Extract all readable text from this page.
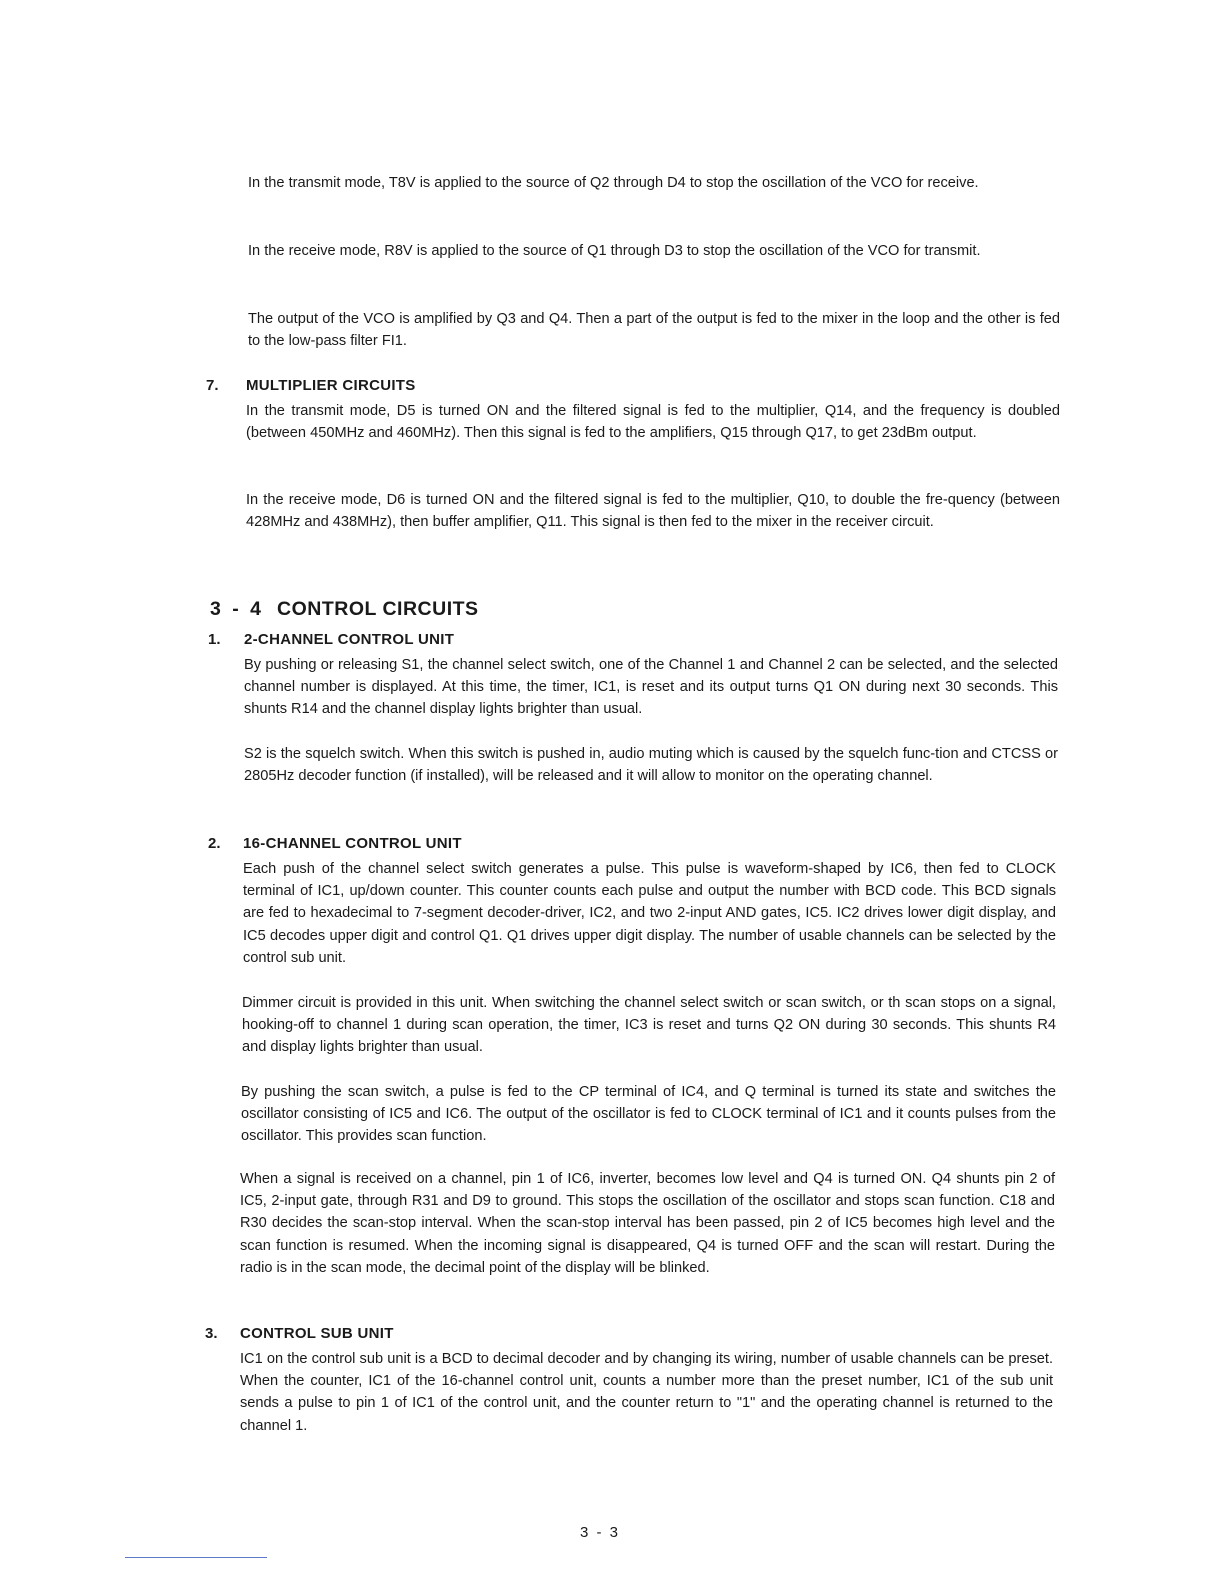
In the transmit mode, T8V is applied to the source of Q2 through D4 to stop the oscillation of the VCO for receive.

In the receive mode, R8V is applied to the source of Q1 through D3 to stop the oscillation of the VCO for transmit.

The output of the VCO is amplified by Q3 and Q4. Then a part of the output is fed to the mixer in the loop and the other is fed to the low-pass filter FI1.

7. MULTIPLIER CIRCUITS

In the transmit mode, D5 is turned ON and the filtered signal is fed to the multiplier, Q14, and the frequency is doubled (between 450MHz and 460MHz). Then this signal is fed to the amplifiers, Q15 through Q17, to get 23dBm output.

In the receive mode, D6 is turned ON and the filtered signal is fed to the multiplier, Q10, to double the fre-quency (between 428MHz and 438MHz), then buffer amplifier, Q11. This signal is then fed to the mixer in the receiver circuit.

3 - 4 CONTROL CIRCUITS
1. 2-CHANNEL CONTROL UNIT

By pushing or releasing S1, the channel select switch, one of the Channel 1 and Channel 2 can be selected, and the selected channel number is displayed. At this time, the timer, IC1, is reset and its output turns Q1 ON during next 30 seconds. This shunts R14 and the channel display lights brighter than usual.

S2 is the squelch switch. When this switch is pushed in, audio muting which is caused by the squelch func-tion and CTCSS or 2805Hz decoder function (if installed), will be released and it will allow to monitor on the operating channel.

2. 16-CHANNEL CONTROL UNIT

Each push of the channel select switch generates a pulse. This pulse is waveform-shaped by IC6, then fed to CLOCK terminal of IC1, up/down counter. This counter counts each pulse and output the number with BCD code. This BCD signals are fed to hexadecimal to 7-segment decoder-driver, IC2, and two 2-input AND gates, IC5. IC2 drives lower digit display, and IC5 decodes upper digit and control Q1. Q1 drives upper digit display. The number of usable channels can be selected by the control sub unit.

Dimmer circuit is provided in this unit. When switching the channel select switch or scan switch, or th scan stops on a signal, hooking-off to channel 1 during scan operation, the timer, IC3 is reset and turns Q2 ON during 30 seconds. This shunts R4 and display lights brighter than usual.

By pushing the scan switch, a pulse is fed to the CP terminal of IC4, and Q terminal is turned its state and switches the oscillator consisting of IC5 and IC6. The output of the oscillator is fed to CLOCK terminal of IC1 and it counts pulses from the oscillator. This provides scan function.

When a signal is received on a channel, pin 1 of IC6, inverter, becomes low level and Q4 is turned ON. Q4 shunts pin 2 of IC5, 2-input gate, through R31 and D9 to ground. This stops the oscillation of the oscillator and stops scan function. C18 and R30 decides the scan-stop interval. When the scan-stop interval has been passed, pin 2 of IC5 becomes high level and the scan function is resumed. When the incoming signal is disappeared, Q4 is turned OFF and the scan will restart. During the radio is in the scan mode, the decimal point of the display will be blinked.

3. CONTROL SUB UNIT

IC1 on the control sub unit is a BCD to decimal decoder and by changing its wiring, number of usable channels can be preset. When the counter, IC1 of the 16-channel control unit, counts a number more than the preset number, IC1 of the sub unit sends a pulse to pin 1 of IC1 of the control unit, and the counter return to "1" and the operating channel is returned to the channel 1.

3 - 3
